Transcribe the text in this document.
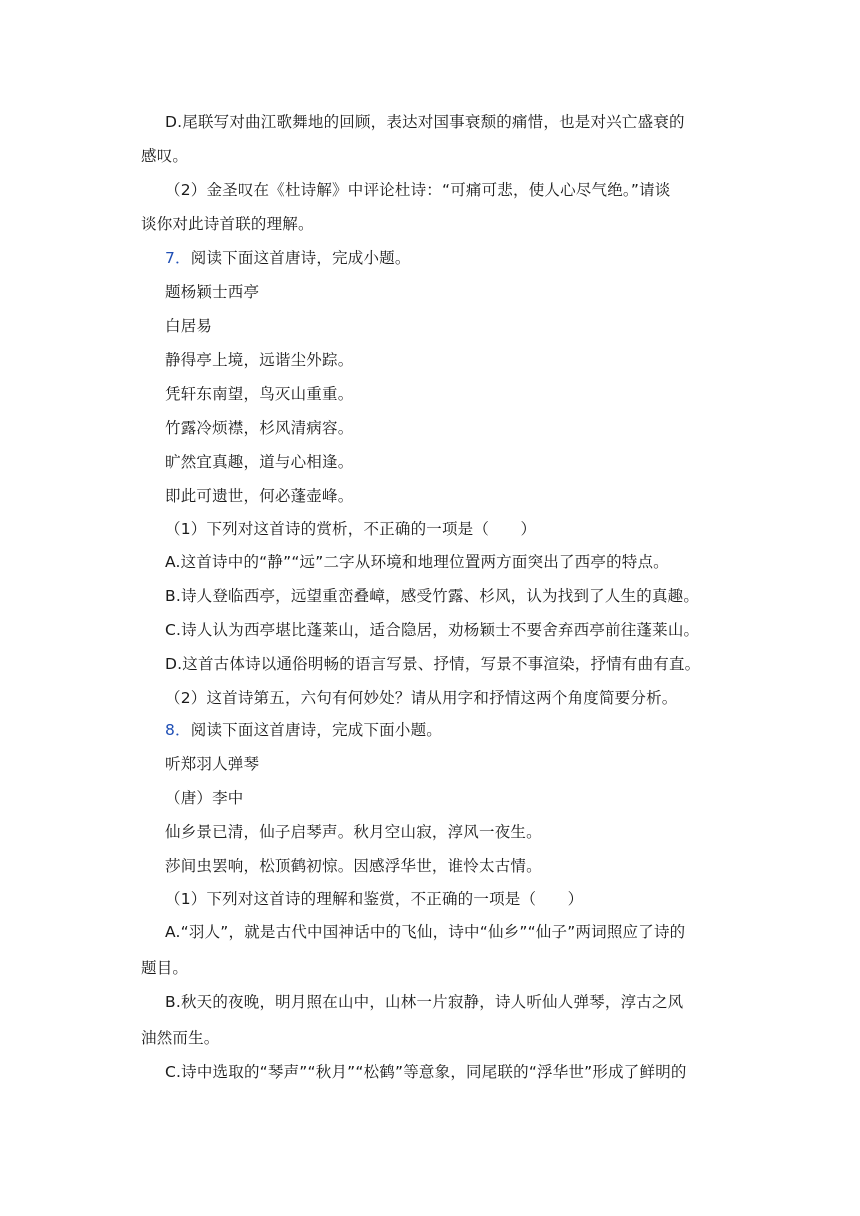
D.尾联写对曲江歌舞地的回顾，表达对国事衰颓的痛惜，也是对兴亡盛衰的
感叹。
（2）金圣叹在《杜诗解》中评论杜诗：“可痛可悲，使人心尽气绝。”请谈
谈你对此诗首联的理解。
7．阅读下面这首唐诗，完成小题。
题杨颖士西亭
白居易
静得亭上境，远谐尘外踪。
凭轩东南望，鸟灭山重重。
竹露冷烦襟，杉风清病容。
旷然宜真趣，道与心相逢。
即此可遗世，何必蓬壶峰。
（1）下列对这首诗的赏析，不正确的一项是（　　）
A.这首诗中的“静”“远”二字从环境和地理位置两方面突出了西亭的特点。
B.诗人登临西亭，远望重峦叠嶂，感受竹露、杉风，认为找到了人生的真趣。
C.诗人认为西亭堪比蓬莱山，适合隐居，劝杨颖士不要舍弃西亭前往蓬莱山。
D.这首古体诗以通俗明畅的语言写景、抒情，写景不事渲染，抒情有曲有直。
（2）这首诗第五，六句有何妙处？请从用字和抒情这两个角度简要分析。
8．阅读下面这首唐诗，完成下面小题。
听郑羽人弹琴
（唐）李中
仙乡景已清，仙子启琴声。秋月空山寂，淳风一夜生。
莎间虫罢响，松顶鹤初惊。因感浮华世，谁怜太古情。
（1）下列对这首诗的理解和鉴赏，不正确的一项是（　　）
A.“羽人”，就是古代中国神话中的飞仙，诗中“仙乡”“仙子”两词照应了诗的
题目。
B.秋天的夜晚，明月照在山中，山林一片寂静，诗人听仙人弹琴，淳古之风
油然而生。
C.诗中选取的“琴声”“秋月”“松鹤”等意象，同尾联的“浮华世”形成了鲜明的
